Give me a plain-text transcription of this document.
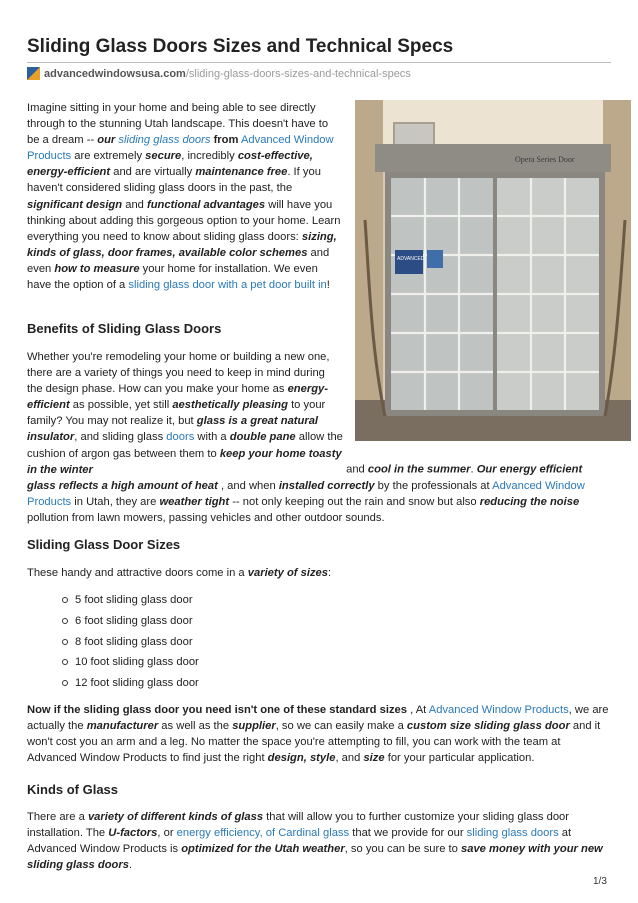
Sliding Glass Doors Sizes and Technical Specs
advancedwindowsusa.com /sliding-glass-doors-sizes-and-technical-specs

Imagine sitting in your home and being able to see directly through to the stunning Utah landscape. This doesn't have to be a dream -- our sliding glass doors from Advanced Window Products are extremely secure, incredibly cost-effective, energy-efficient and are virtually maintenance free. If you haven't considered sliding glass doors in the past, the significant design and functional advantages will have you thinking about adding this gorgeous option to your home. Learn everything you need to know about sliding glass doors: sizing, kinds of glass, door frames, available color schemes and even how to measure your home for installation. We even have the option of a sliding glass door with a pet door built in!

Opera Series Door
ADVANCED
Benefits of Sliding Glass Doors

Whether you're remodeling your home or building a new one, there are a variety of things you need to keep in mind during the design phase. How can you make your home as energy-efficient as possible, yet still aesthetically pleasing to your family? You may not realize it, but glass is a great natural insulator, and sliding glass doors with a double pane allow the cushion of argon gas between them to keep your home toasty in the winter	and cool in the summer. Our energy efficient glass reflects a high amount of heat , and when installed correctly by the professionals at Advanced Window Products in Utah, they are weather tight -- not only keeping out the rain and snow but also reducing the noise pollution from lawn mowers, passing vehicles and other outdoor sounds.

Sliding Glass Door Sizes

These handy and attractive doors come in a variety of sizes:

5 foot sliding glass door
6 foot sliding glass door
8 foot sliding glass door
10 foot sliding glass door
12 foot sliding glass door

Now if the sliding glass door you need isn't one of these standard sizes , At Advanced Window Products, we are actually the manufacturer as well as the supplier, so we can easily make a custom size sliding glass door and it won't cost you an arm and a leg. No matter the space you're attempting to fill, you can work with the team at Advanced Window Products to find just the right design, style, and size for your particular application.

Kinds of Glass

There are a variety of different kinds of glass that will allow you to further customize your sliding glass door installation. The U-factors, or energy efficiency, of Cardinal glass that we provide for our sliding glass doors at Advanced Window Products is optimized for the Utah weather, so you can be sure to save money with your new sliding glass doors.

1/3
